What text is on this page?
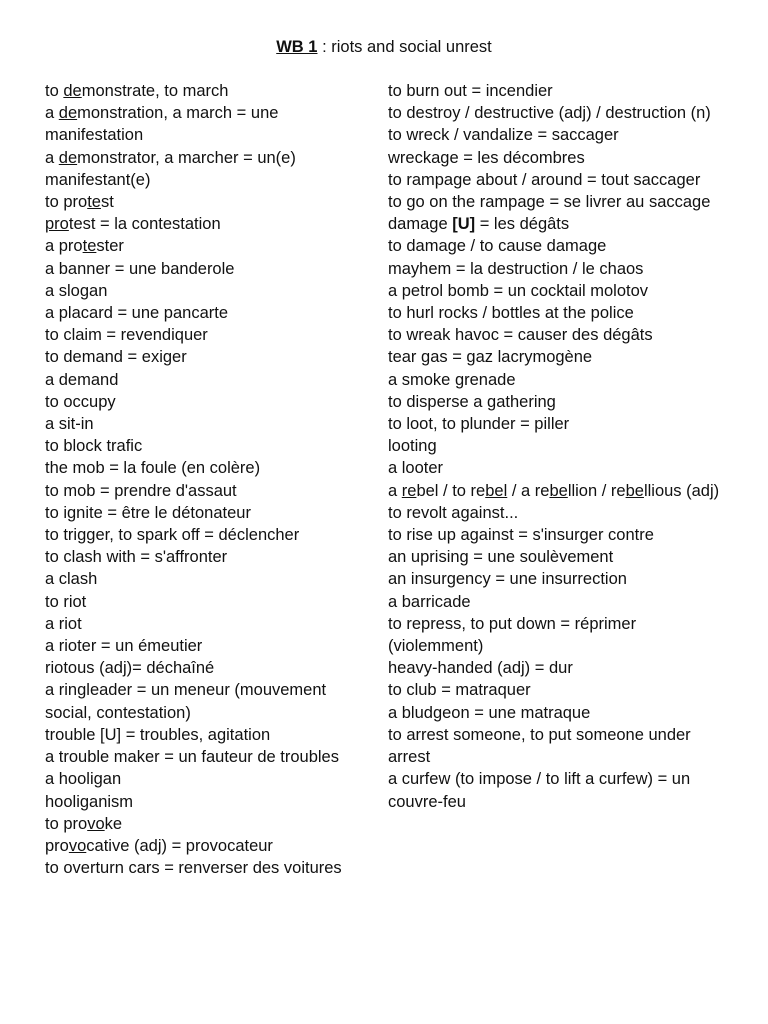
WB 1 : riots and social unrest

to demonstrate, to march

a demonstration, a march = une manifestation

a demonstrator, a marcher = un(e) manifestant(e)

to protest

protest = la contestation

a protester

a banner = une banderole

a slogan

a placard = une pancarte

to claim = revendiquer

to demand = exiger

a demand

to occupy

a sit-in

to block trafic

the mob = la foule (en colère)

to mob = prendre d'assaut

to ignite = être le détonateur

to trigger, to spark off = déclencher

to clash with = s'affronter

a clash

to riot

a riot

a rioter = un émeutier

riotous (adj)= déchaîné

a ringleader = un meneur (mouvement social, contestation)

trouble [U] = troubles, agitation

a trouble maker = un fauteur de troubles

a hooligan

hooliganism

to provoke

provocative (adj) = provocateur

to overturn cars = renverser des voitures

to burn out = incendier

to destroy / destructive (adj) / destruction (n)

to wreck / vandalize = saccager

wreckage = les décombres

to rampage about / around = tout saccager

to go on the rampage = se livrer au saccage

damage [U] = les dégâts

to damage / to cause damage

mayhem = la destruction / le chaos

a petrol bomb = un cocktail molotov

to hurl rocks / bottles at the police

to wreak havoc = causer des dégâts

tear gas = gaz lacrymogène

a smoke grenade

to disperse a gathering

to loot, to plunder = piller

looting

a looter

a rebel / to rebel / a rebellion / rebellious (adj)

to revolt against...

to rise up against = s'insurger contre

an uprising = une soulèvement

an insurgency = une insurrection

a barricade

to repress, to put down = réprimer (violemment)

heavy-handed (adj) = dur

to club = matraquer

a bludgeon = une matraque

to arrest someone, to put someone under arrest

a curfew (to impose / to lift a curfew) = un couvre-feu
